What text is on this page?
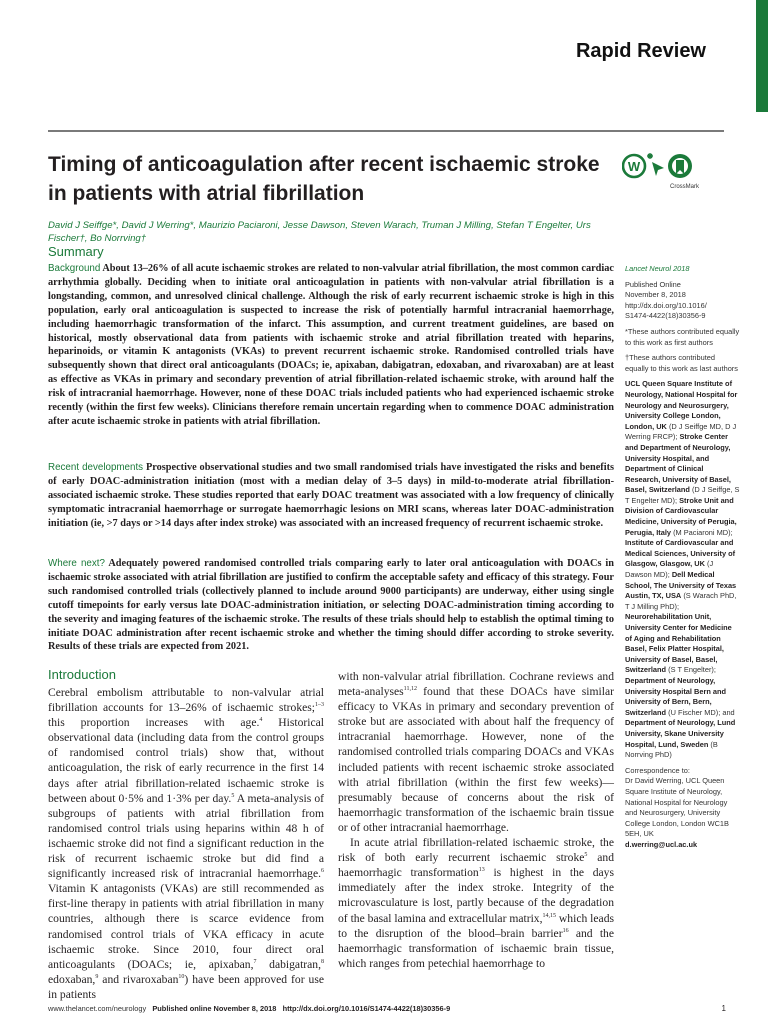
Rapid Review
Timing of anticoagulation after recent ischaemic stroke in patients with atrial fibrillation
W
CrossMark
David J Seiffge*, David J Werring*, Maurizio Paciaroni, Jesse Dawson, Steven Warach, Truman J Milling, Stefan T Engelter, Urs Fischer†, Bo Norrving†
Summary

Background About 13–26% of all acute ischaemic strokes are related to non-valvular atrial fibrillation, the most common cardiac arrhythmia globally. Deciding when to initiate oral anticoagulation in patients with non-valvular atrial fibrillation is a longstanding, common, and unresolved clinical challenge. Although the risk of early recurrent ischaemic stroke is high in this population, early oral anticoagulation is suspected to increase the risk of potentially harmful intracranial haemorrhage, including haemorrhagic transformation of the infarct. This assumption, and current treatment guidelines, are based on historical, mostly observational data from patients with ischaemic stroke and atrial fibrillation treated with heparins, heparinoids, or vitamin K antagonists (VKAs) to prevent recurrent ischaemic stroke. Randomised controlled trials have subsequently shown that direct oral anticoagulants (DOACs; ie, apixaban, dabigatran, edoxaban, and rivaroxaban) are at least as effective as VKAs in primary and secondary prevention of atrial fibrillation-related ischaemic stroke, with around half the risk of intracranial haemorrhage. However, none of these DOAC trials included patients who had experienced ischaemic stroke recently (within the first few weeks). Clinicians therefore remain uncertain regarding when to commence DOAC administration after acute ischaemic stroke in patients with atrial fibrillation.

Recent developments Prospective observational studies and two small randomised trials have investigated the risks and benefits of early DOAC-administration initiation (most with a median delay of 3–5 days) in mild-to-moderate atrial fibrillation-associated ischaemic stroke. These studies reported that early DOAC treatment was associated with a low frequency of clinically symptomatic intracranial haemorrhage or surrogate haemorrhagic lesions on MRI scans, whereas later DOAC-administration initiation (ie, >7 days or >14 days after index stroke) was associated with an increased frequency of recurrent ischaemic stroke.

Where next? Adequately powered randomised controlled trials comparing early to later oral anticoagulation with DOACs in ischaemic stroke associated with atrial fibrillation are justified to confirm the acceptable safety and efficacy of this strategy. Four such randomised controlled trials (collectively planned to include around 9000 participants) are underway, either using single cutoff timepoints for early versus late DOAC-administration initiation, or selecting DOAC-administration timing according to the severity and imaging features of the ischaemic stroke. The results of these trials should help to establish the optimal timing to initiate DOAC administration after recent ischaemic stroke and whether the timing should differ according to stroke severity. Results of these trials are expected from 2021.

Lancet Neurol 2018

Published Online
November 8, 2018
http://dx.doi.org/10.1016/
S1474-4422(18)30356-9

*These authors contributed equally to this work as first authors

†These authors contributed equally to this work as last authors

UCL Queen Square Institute of Neurology, National Hospital for Neurology and Neurosurgery, University College London, London, UK (D J Seiffge MD, D J Werring FRCP); Stroke Center and Department of Neurology, University Hospital, and Department of Clinical Research, University of Basel, Basel, Switzerland (D J Seiffge, S T Engelter MD); Stroke Unit and Division of Cardiovascular Medicine, University of Perugia, Perugia, Italy (M Paciaroni MD); Institute of Cardiovascular and Medical Sciences, University of Glasgow, Glasgow, UK (J Dawson MD); Dell Medical School, The University of Texas Austin, TX, USA (S Warach PhD, T J Milling PhD); Neurorehabilitation Unit, University Center for Medicine of Aging and Rehabilitation Basel, Felix Platter Hospital, University of Basel, Basel, Switzerland (S T Engelter); Department of Neurology, University Hospital Bern and University of Bern, Bern, Switzerland (U Fischer MD); and Department of Neurology, Lund University, Skane University Hospital, Lund, Sweden (B Norrving PhD)

Correspondence to:
Dr David Werring, UCL Queen Square Institute of Neurology, National Hospital for Neurology and Neurosurgery, University College London, London WC1B 5EH, UK
d.werring@ucl.ac.uk

Introduction

Cerebral embolism attributable to non-valvular atrial fibrillation accounts for 13–26% of ischaemic strokes;$^{1-3}$ this proportion increases with age.$^4$ Historical observational data (including data from the control groups of randomised control trials) show that, without anticoagulation, the risk of early recurrence in the first 14 days after atrial fibrillation-related ischaemic stroke is between about 0·5% and 1·3% per day.$^5$ A meta-analysis of subgroups of patients with atrial fibrillation from randomised control trials using heparins within 48 h of ischaemic stroke did not find a significant reduction in the risk of recurrent ischaemic stroke but did find a significantly increased risk of intracranial haemorrhage.$^6$ Vitamin K antagonists (VKAs) are still recommended as first-line therapy in patients with atrial fibrillation in many countries, although there is scarce evidence from randomised control trials of VKA efficacy in acute ischaemic stroke. Since 2010, four direct oral anticoagulants (DOACs; ie, apixaban,$^7$ dabigatran,$^8$ edoxaban,$^9$ and rivaroxaban$^{10}$) have been approved for use in patients

with non-valvular atrial fibrillation. Cochrane reviews and meta-analyses$^{11,12}$ found that these DOACs have similar efficacy to VKAs in primary and secondary prevention of stroke but are associated with about half the frequency of intracranial haemorrhage. However, none of the randomised controlled trials comparing DOACs and VKAs included patients with recent ischaemic stroke associated with atrial fibrillation (within the first few weeks)—presumably because of concerns about the risk of haemorrhagic transformation of the ischaemic brain tissue or of other intracranial haemorrhage.

In acute atrial fibrillation-related ischaemic stroke, the risk of both early recurrent ischaemic stroke$^5$ and haemorrhagic transformation$^{13}$ is highest in the days immediately after the index stroke. Integrity of the microvasculature is lost, partly because of the degradation of the basal lamina and extracellular matrix,$^{14,15}$ which leads to the disruption of the blood–brain barrier$^{16}$ and the haemorrhagic transformation of ischaemic brain tissue, which ranges from petechial haemorrhage to

www.thelancet.com/neurology Published online November 8, 2018 http://dx.doi.org/10.1016/S1474-4422(18)30356-9	1
